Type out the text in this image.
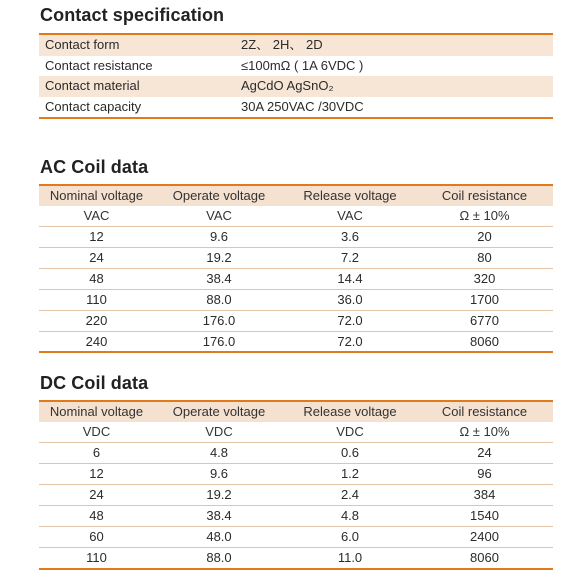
Contact specification
Contact form	2Z、 2H、 2D
Contact resistance	≤100mΩ ( 1A 6VDC )
Contact material	AgCdO AgSnO₂
Contact capacity	30A 250VAC /30VDC
AC Coil data
Nominal voltage	Operate voltage	Release voltage	Coil resistance
VAC	VAC	VAC	Ω ± 10%
12	9.6	3.6	20
24	19.2	7.2	80
48	38.4	14.4	320
110	88.0	36.0	1700
220	176.0	72.0	6770
240	176.0	72.0	8060
DC Coil data
Nominal voltage	Operate voltage	Release voltage	Coil resistance
VDC	VDC	VDC	Ω ± 10%
6	4.8	0.6	24
12	9.6	1.2	96
24	19.2	2.4	384
48	38.4	4.8	1540
60	48.0	6.0	2400
110	88.0	11.0	8060
